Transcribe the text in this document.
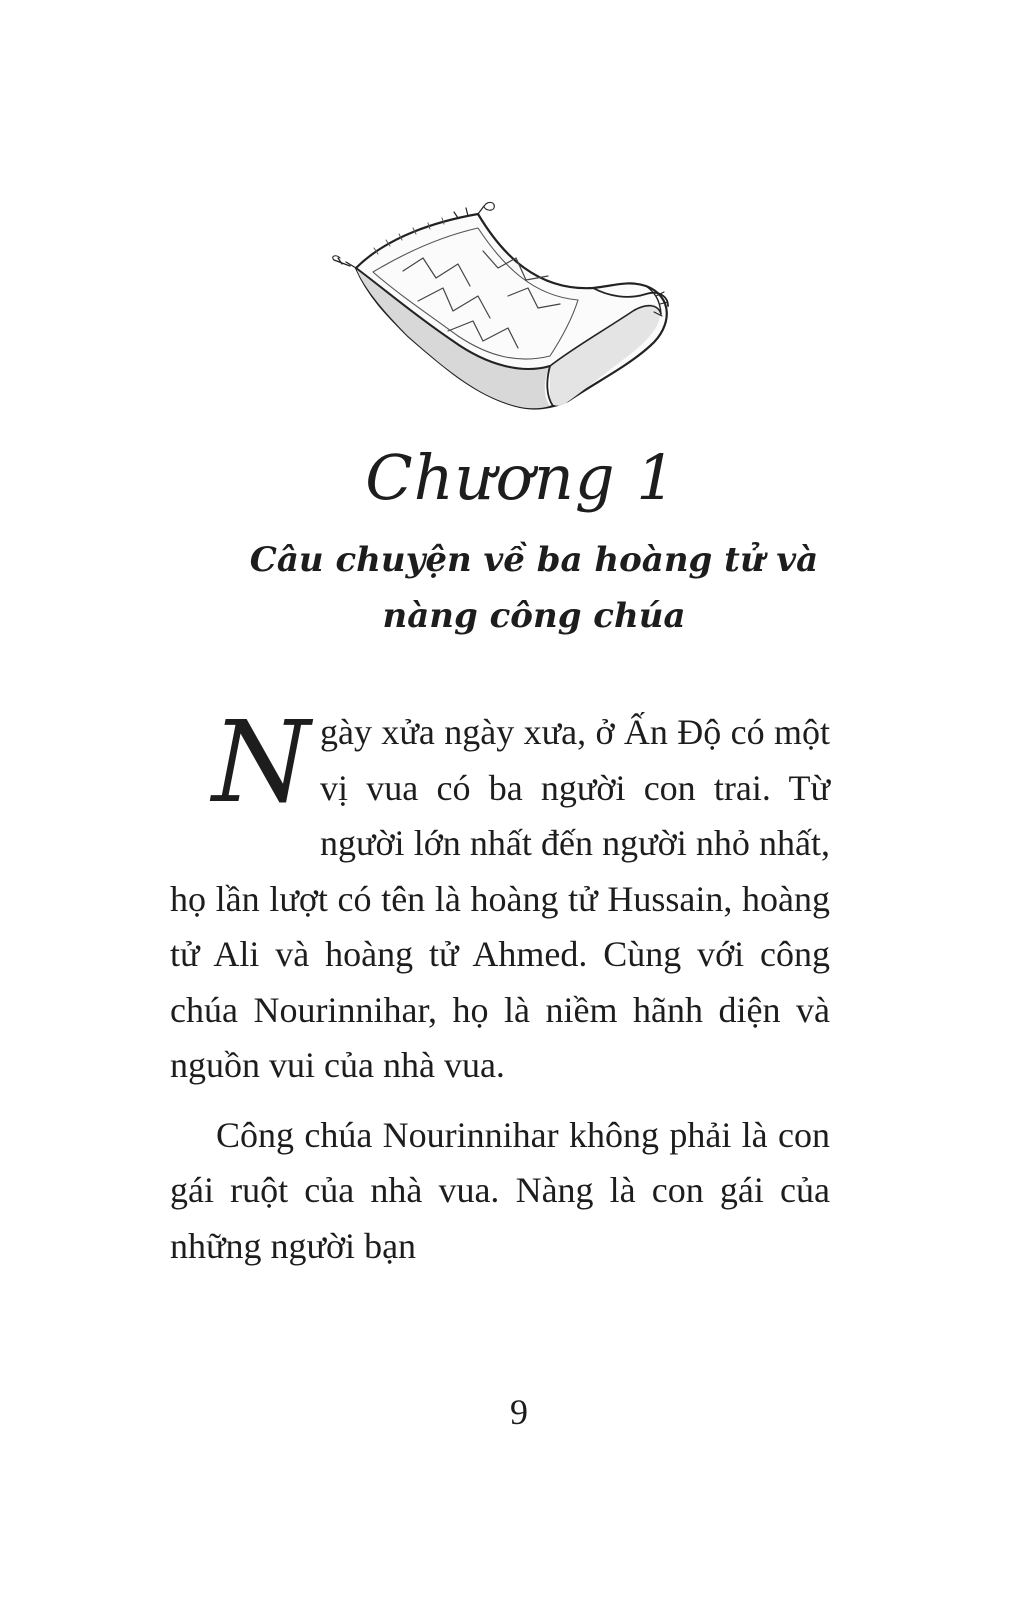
Chương 1
Câu chuyện về ba hoàng tử và nàng công chúa

Ngày xửa ngày xưa, ở Ấn Độ có một vị vua có ba người con trai. Từ người lớn nhất đến người nhỏ nhất, họ lần lượt có tên là hoàng tử Hussain, hoàng tử Ali và hoàng tử Ahmed. Cùng với công chúa Nourinnihar, họ là niềm hãnh diện và nguồn vui của nhà vua.

Công chúa Nourinnihar không phải là con gái ruột của nhà vua. Nàng là con gái của những người bạn

9
